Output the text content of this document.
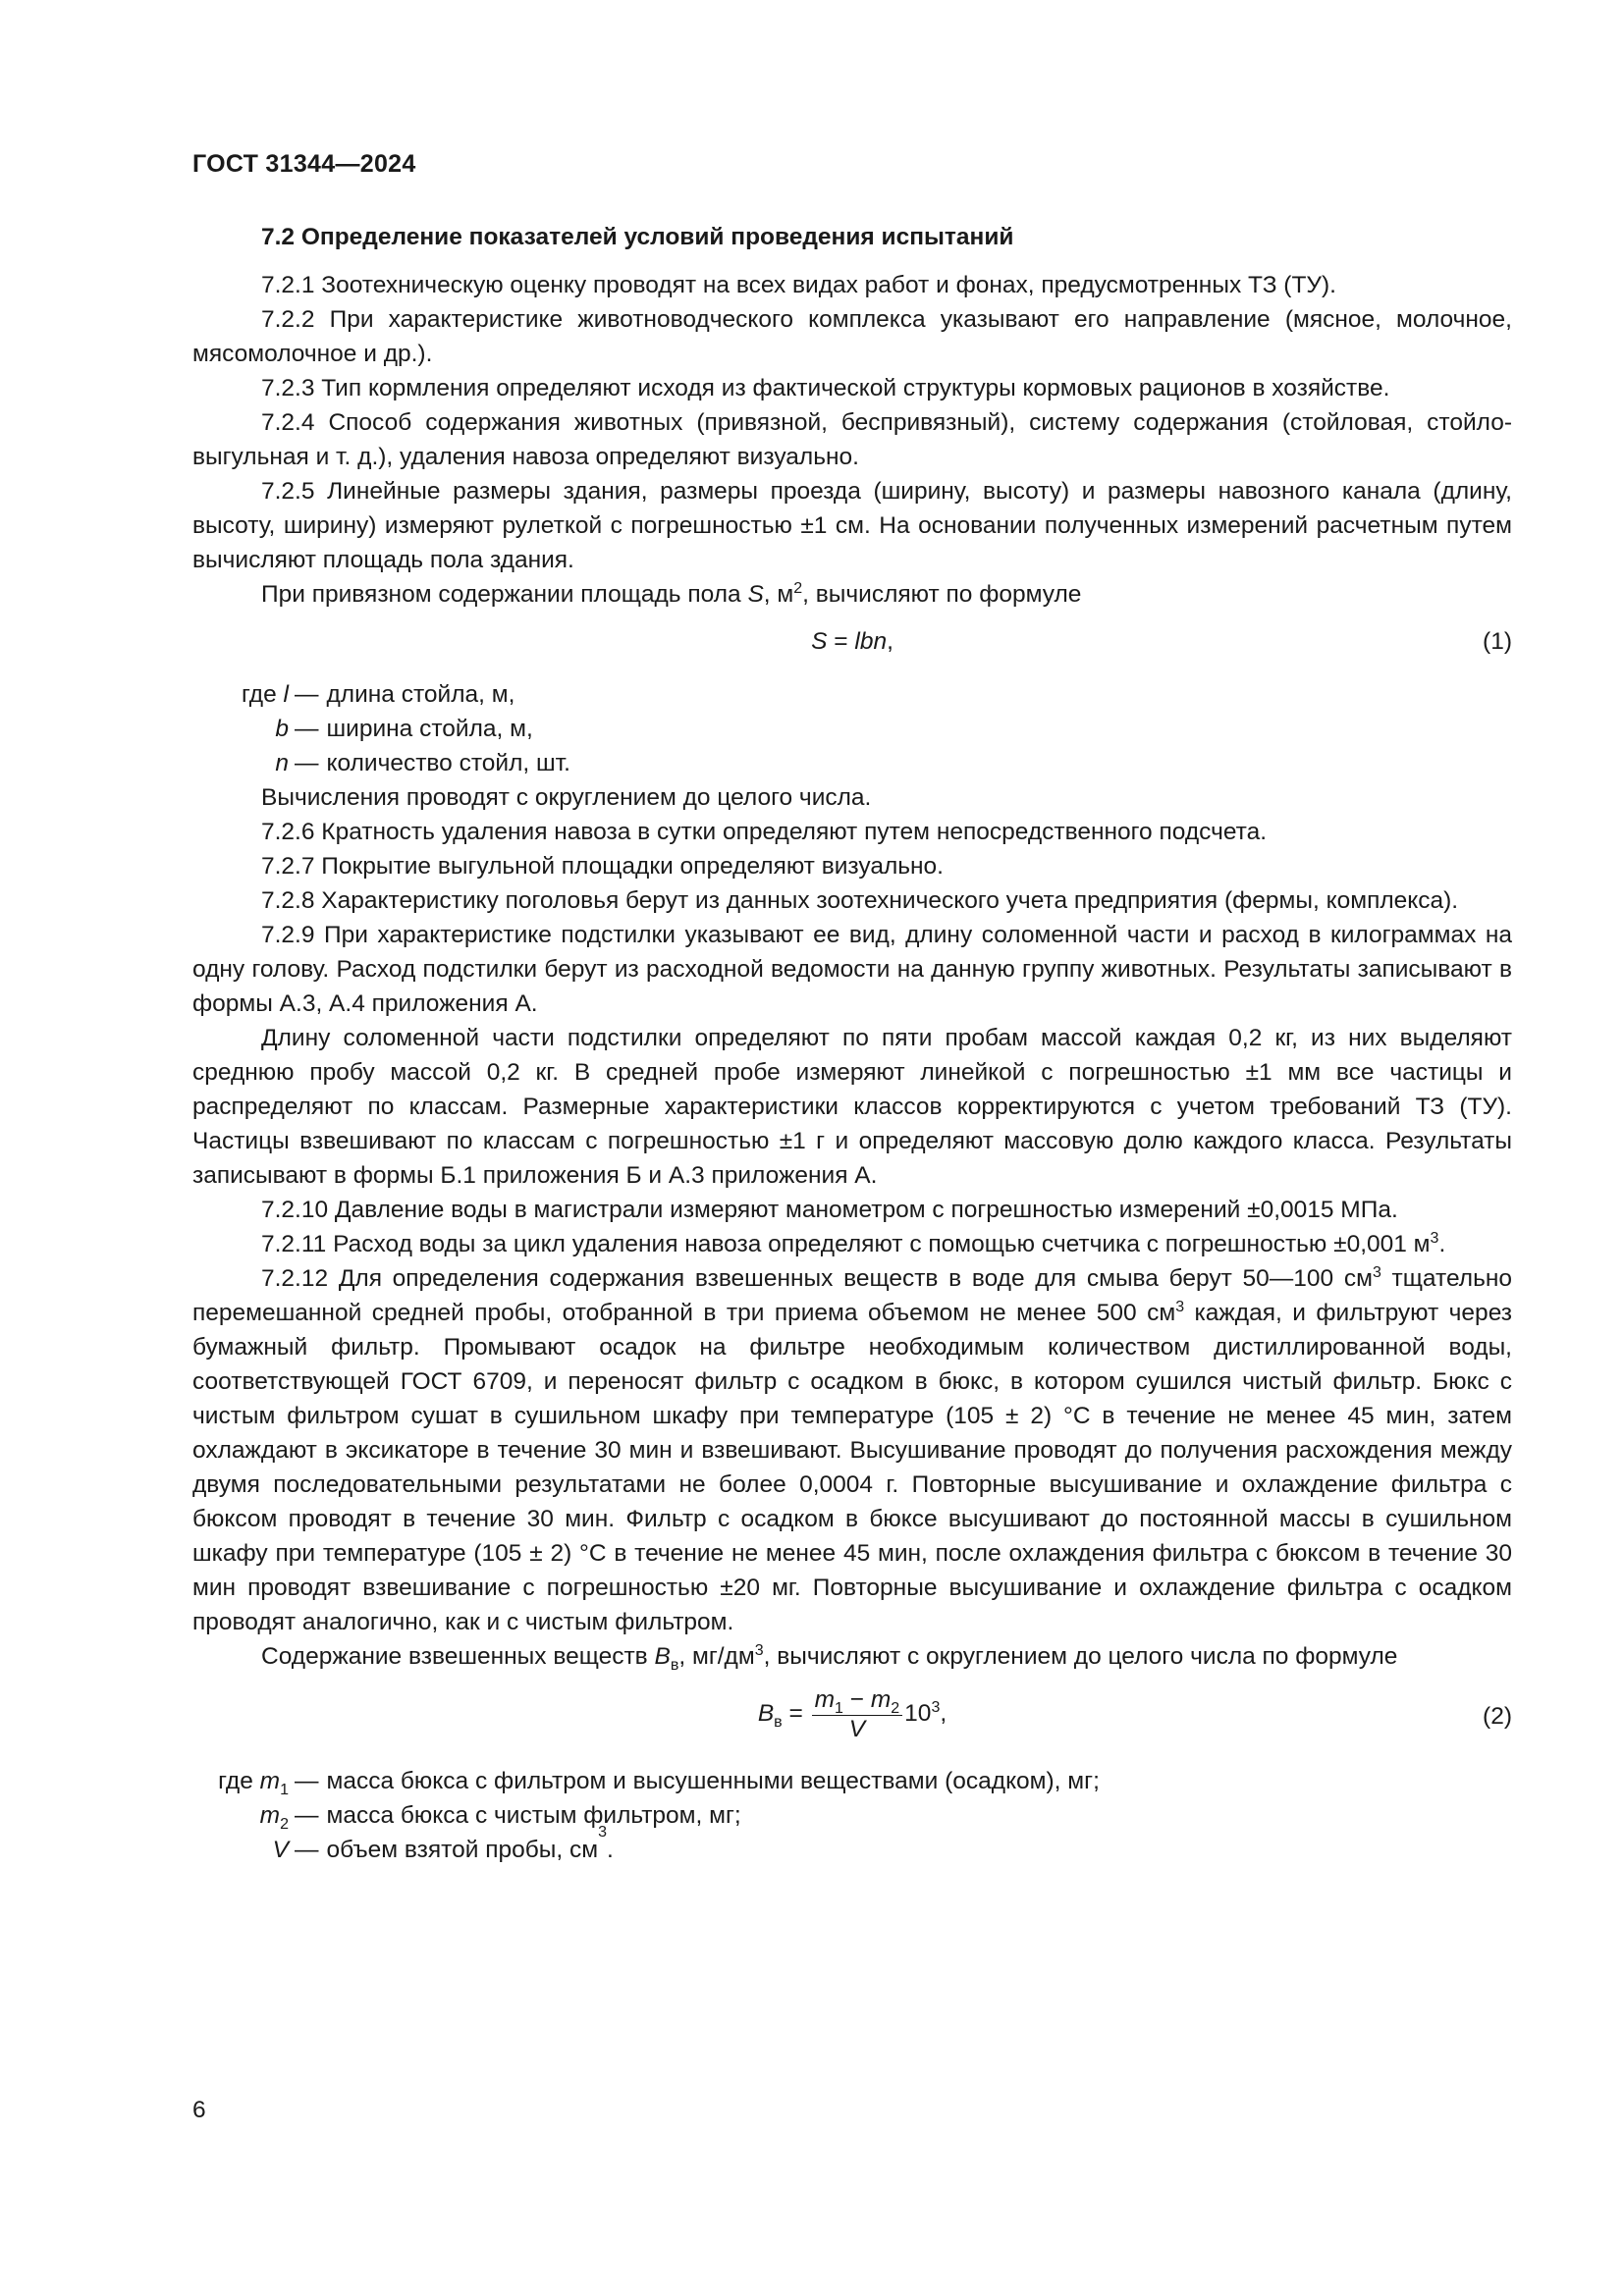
ГОСТ 31344—2024
7.2 Определение показателей условий проведения испытаний

7.2.1 Зоотехническую оценку проводят на всех видах работ и фонах, предусмотренных ТЗ (ТУ).

7.2.2 При характеристике животноводческого комплекса указывают его направление (мясное, молочное, мясомолочное и др.).

7.2.3 Тип кормления определяют исходя из фактической структуры кормовых рационов в хозяйстве.

7.2.4 Способ содержания животных (привязной, беспривязный), систему содержания (стойловая, стойло-выгульная и т. д.), удаления навоза определяют визуально.

7.2.5 Линейные размеры здания, размеры проезда (ширину, высоту) и размеры навозного канала (длину, высоту, ширину) измеряют рулеткой с погрешностью ±1 см. На основании полученных измерений расчетным путем вычисляют площадь пола здания.

При привязном содержании площадь пола S, $м^2$, вычисляют по формуле

S = lbn,	(1)
где l — длина стойла, м,
b — ширина стойла, м,
n — количество стойл, шт.

Вычисления проводят с округлением до целого числа.

7.2.6 Кратность удаления навоза в сутки определяют путем непосредственного подсчета.

7.2.7 Покрытие выгульной площадки определяют визуально.

7.2.8 Характеристику поголовья берут из данных зоотехнического учета предприятия (фермы, комплекса).

7.2.9 При характеристике подстилки указывают ее вид, длину соломенной части и расход в килограммах на одну голову. Расход подстилки берут из расходной ведомости на данную группу животных. Результаты записывают в формы А.3, А.4 приложения А.

Длину соломенной части подстилки определяют по пяти пробам массой каждая 0,2 кг, из них выделяют среднюю пробу массой 0,2 кг. В средней пробе измеряют линейкой с погрешностью ±1 мм все частицы и распределяют по классам. Размерные характеристики классов корректируются с учетом требований ТЗ (ТУ). Частицы взвешивают по классам с погрешностью ±1 г и определяют массовую долю каждого класса. Результаты записывают в формы Б.1 приложения Б и А.3 приложения А.

7.2.10 Давление воды в магистрали измеряют манометром с погрешностью измерений ±0,0015 МПа.

7.2.11 Расход воды за цикл удаления навоза определяют с помощью счетчика с погрешностью ±0,001 $м^3$.

7.2.12 Для определения содержания взвешенных веществ в воде для смыва берут 50—100 $см^3$ тщательно перемешанной средней пробы, отобранной в три приема объемом не менее 500 $см^3$ каждая, и фильтруют через бумажный фильтр. Промывают осадок на фильтре необходимым количеством дистиллированной воды, соответствующей ГОСТ 6709, и переносят фильтр с осадком в бюкс, в котором сушился чистый фильтр. Бюкс с чистым фильтром сушат в сушильном шкафу при температуре (105 ± 2) °С в течение не менее 45 мин, затем охлаждают в эксикаторе в течение 30 мин и взвешивают. Высушивание проводят до получения расхождения между двумя последовательными результатами не более 0,0004 г. Повторные высушивание и охлаждение фильтра с бюксом проводят в течение 30 мин. Фильтр с осадком в бюксе высушивают до постоянной массы в сушильном шкафу при температуре (105 ± 2) °С в течение не менее 45 мин, после охлаждения фильтра с бюксом в течение 30 мин проводят взвешивание с погрешностью ±20 мг. Повторные высушивание и охлаждение фильтра с осадком проводят аналогично, как и с чистым фильтром.

Содержание взвешенных веществ $B_в$, $мг/дм^3$, вычисляют с округлением до целого числа по формуле

$B_в = \frac{m_1 - m_2}{V} 10^3$,	(2)
где $m_1$ — масса бюкса с фильтром и высушенными веществами (осадком), мг;
$m_2$ — масса бюкса с чистым фильтром, мг;
V — объем взятой пробы, см
3
.
6
